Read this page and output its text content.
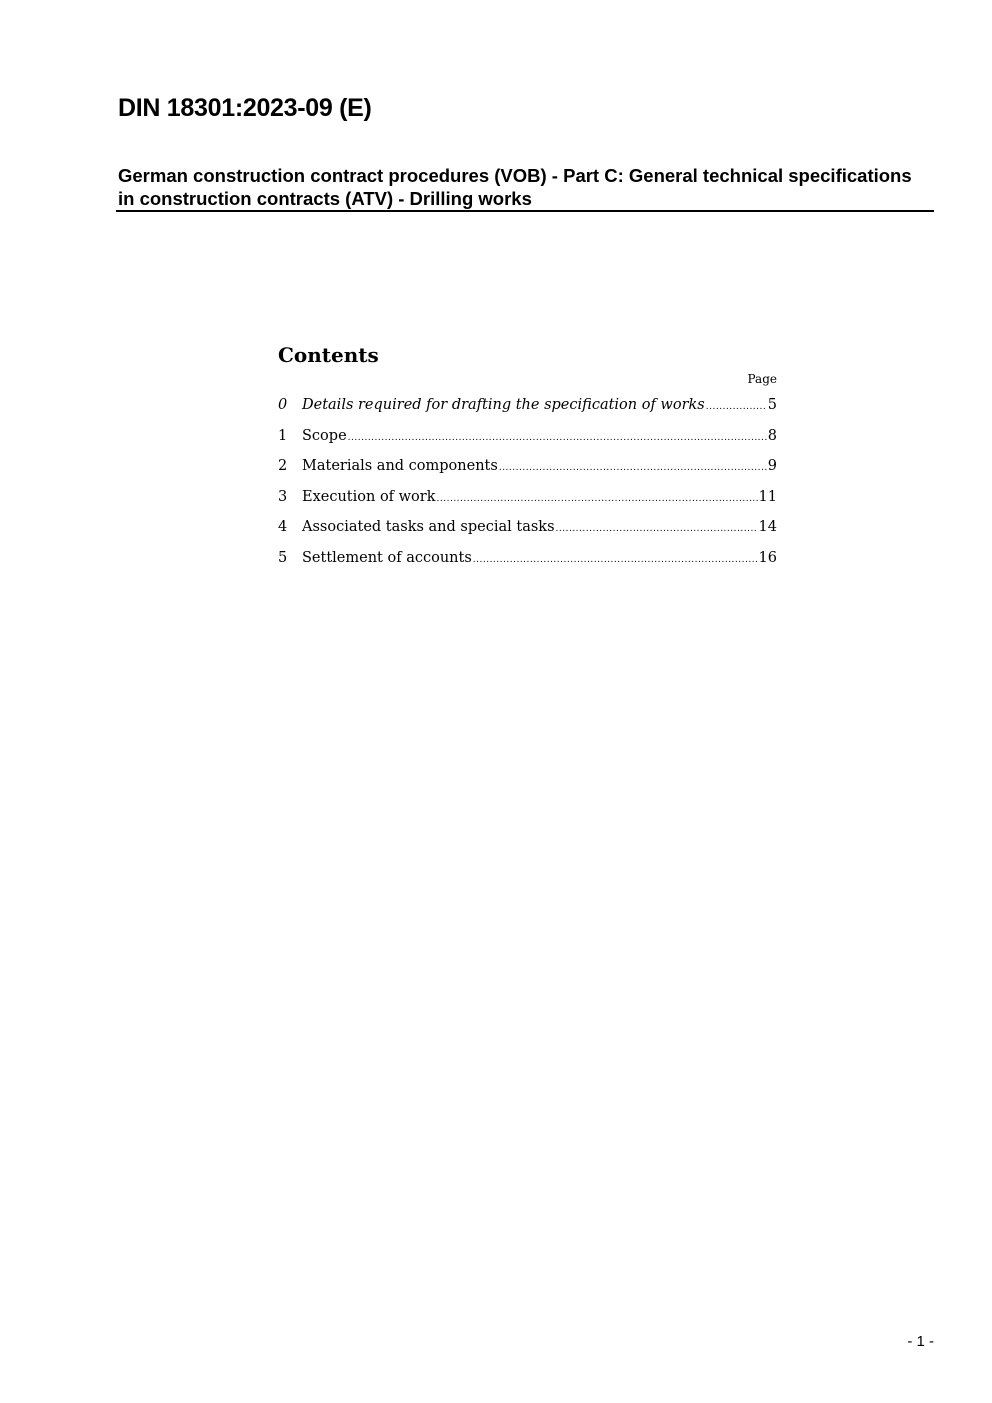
DIN 18301:2023-09 (E)
German construction contract procedures (VOB) - Part C: General technical specifications in construction contracts (ATV) - Drilling works
Contents
Page
0	Details required for drafting the specification of works .....	5
1	Scope .....	8
2	Materials and components .....	9
3	Execution of work .....	11
4	Associated tasks and special tasks .....	14
5	Settlement of accounts .....	16
- 1 -
